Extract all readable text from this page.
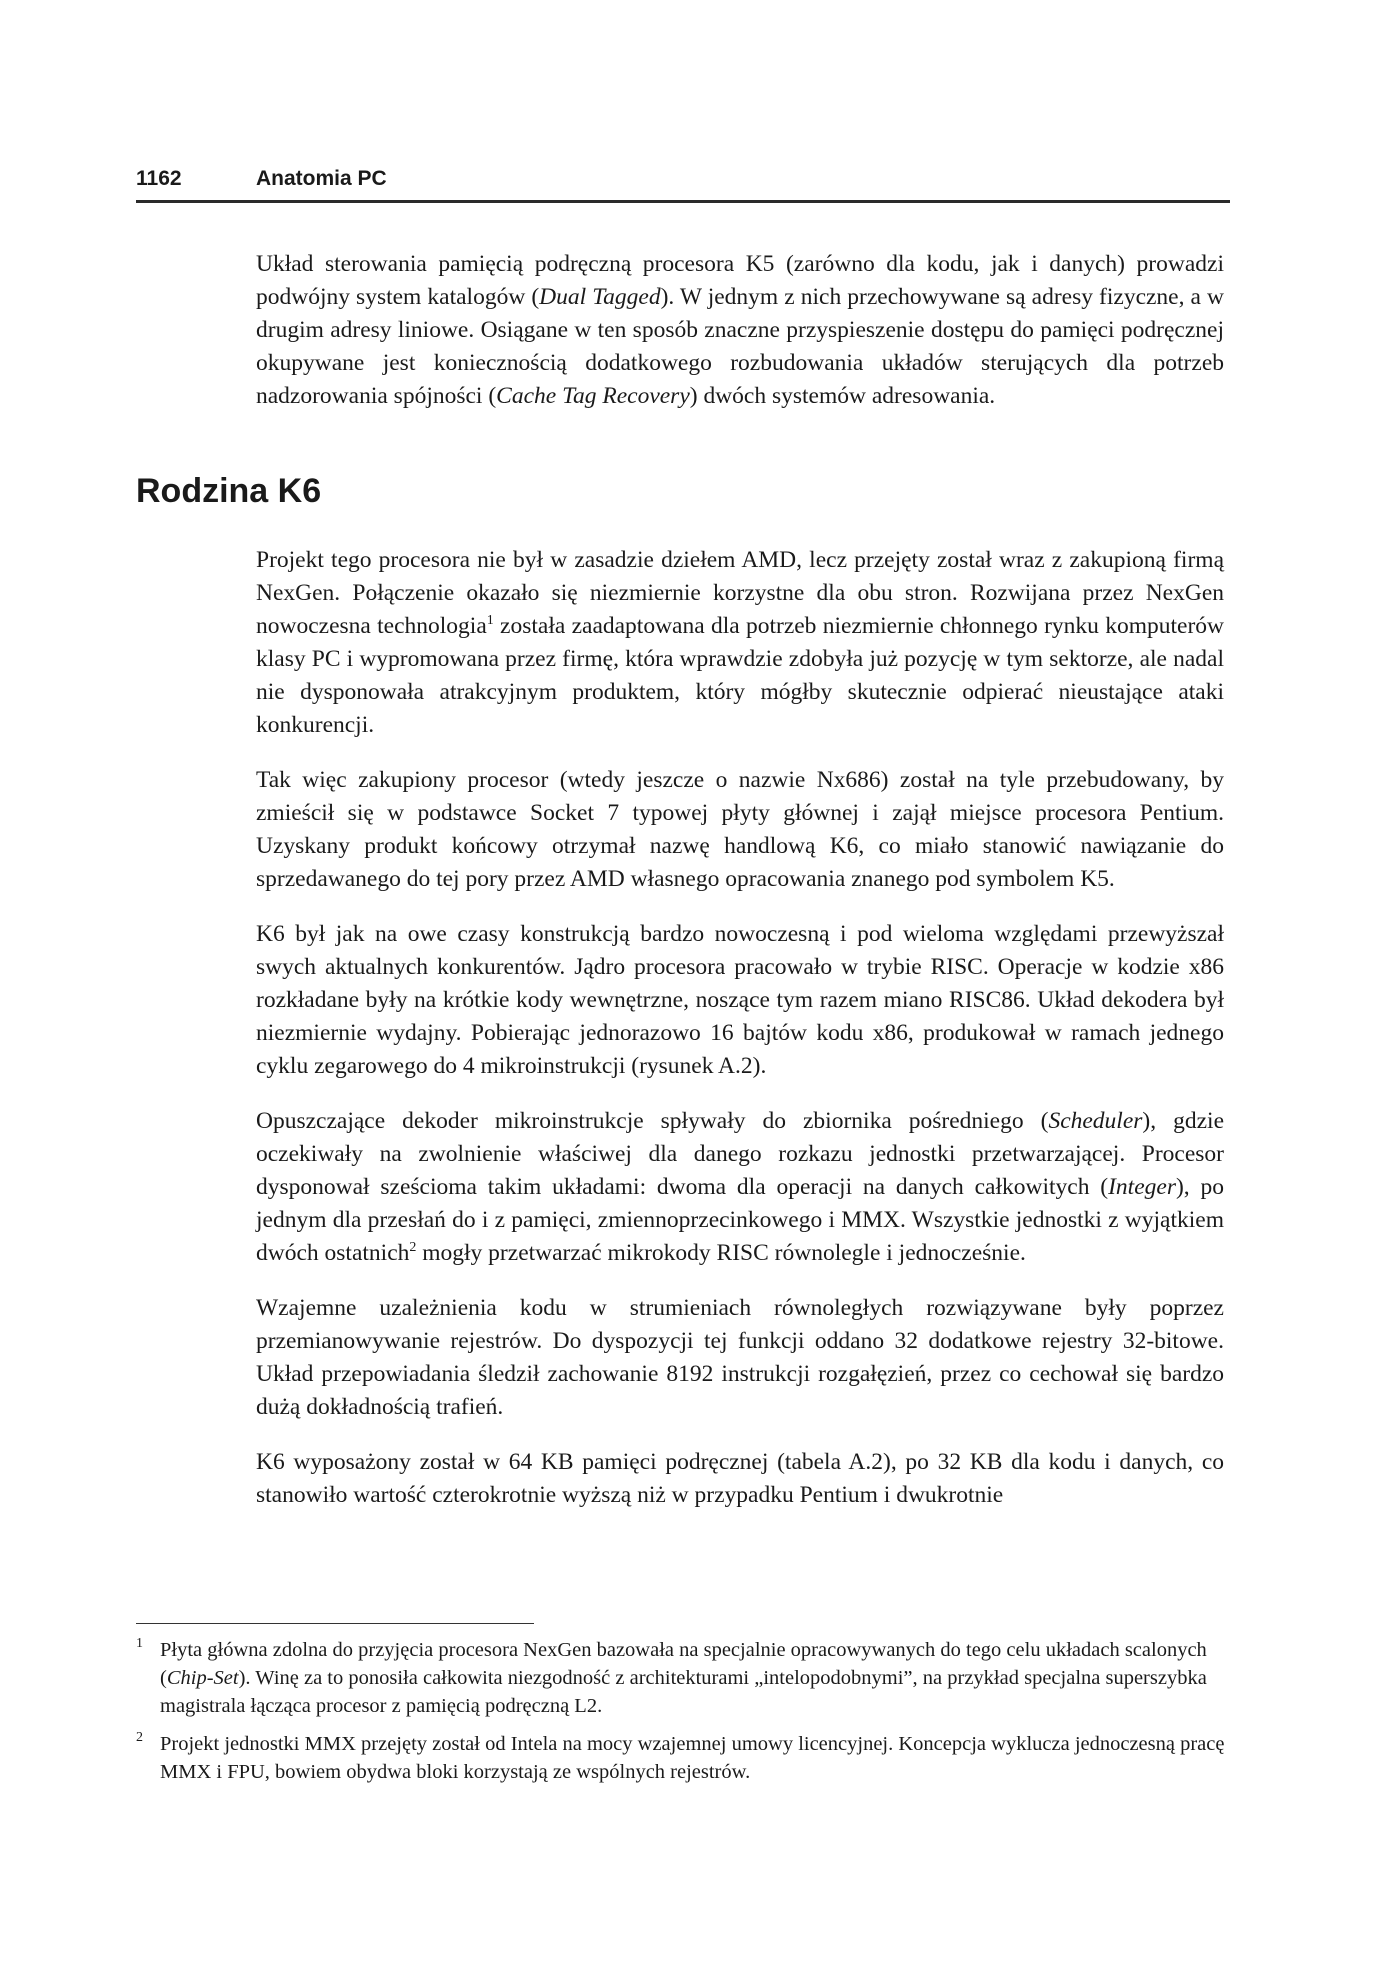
1162	Anatomia PC

Układ sterowania pamięcią podręczną procesora K5 (zarówno dla kodu, jak i danych) prowadzi podwójny system katalogów (Dual Tagged). W jednym z nich przechowywane są adresy fizyczne, a w drugim adresy liniowe. Osiągane w ten sposób znaczne przyspieszenie dostępu do pamięci podręcznej okupywane jest koniecznością dodatkowego rozbudowania układów sterujących dla potrzeb nadzorowania spójności (Cache Tag Recovery) dwóch systemów adresowania.

Rodzina K6

Projekt tego procesora nie był w zasadzie dziełem AMD, lecz przejęty został wraz z zakupioną firmą NexGen. Połączenie okazało się niezmiernie korzystne dla obu stron. Rozwijana przez NexGen nowoczesna technologia$^1$ została zaadaptowana dla potrzeb niezmiernie chłonnego rynku komputerów klasy PC i wypromowana przez firmę, która wprawdzie zdobyła już pozycję w tym sektorze, ale nadal nie dysponowała atrakcyjnym produktem, który mógłby skutecznie odpierać nieustające ataki konkurencji.

Tak więc zakupiony procesor (wtedy jeszcze o nazwie Nx686) został na tyle przebudowany, by zmieścił się w podstawce Socket 7 typowej płyty głównej i zajął miejsce procesora Pentium. Uzyskany produkt końcowy otrzymał nazwę handlową K6, co miało stanowić nawiązanie do sprzedawanego do tej pory przez AMD własnego opracowania znanego pod symbolem K5.

K6 był jak na owe czasy konstrukcją bardzo nowoczesną i pod wieloma względami przewyższał swych aktualnych konkurentów. Jądro procesora pracowało w trybie RISC. Operacje w kodzie x86 rozkładane były na krótkie kody wewnętrzne, noszące tym razem miano RISC86. Układ dekodera był niezmiernie wydajny. Pobierając jednorazowo 16 bajtów kodu x86, produkował w ramach jednego cyklu zegarowego do 4 mikroinstrukcji (rysunek A.2).

Opuszczające dekoder mikroinstrukcje spływały do zbiornika pośredniego (Scheduler), gdzie oczekiwały na zwolnienie właściwej dla danego rozkazu jednostki przetwarzającej. Procesor dysponował sześcioma takim układami: dwoma dla operacji na danych całkowitych (Integer), po jednym dla przesłań do i z pamięci, zmiennoprzecinkowego i MMX. Wszystkie jednostki z wyjątkiem dwóch ostatnich$^2$ mogły przetwarzać mikrokody RISC równolegle i jednocześnie.

Wzajemne uzależnienia kodu w strumieniach równoległych rozwiązywane były poprzez przemianowywanie rejestrów. Do dyspozycji tej funkcji oddano 32 dodatkowe rejestry 32-bitowe. Układ przepowiadania śledził zachowanie 8192 instrukcji rozgałęzień, przez co cechował się bardzo dużą dokładnością trafień.

K6 wyposażony został w 64 KB pamięci podręcznej (tabela A.2), po 32 KB dla kodu i danych, co stanowiło wartość czterokrotnie wyższą niż w przypadku Pentium i dwukrotnie

1 Płyta główna zdolna do przyjęcia procesora NexGen bazowała na specjalnie opracowywanych do tego celu układach scalonych (Chip-Set). Winę za to ponosiła całkowita niezgodność z architekturami „intelopodobnymi”, na przykład specjalna superszybka magistrala łącząca procesor z pamięcią podręczną L2.
2 Projekt jednostki MMX przejęty został od Intela na mocy wzajemnej umowy licencyjnej. Koncepcja wyklucza jednoczesną pracę MMX i FPU, bowiem obydwa bloki korzystają ze wspólnych rejestrów.
